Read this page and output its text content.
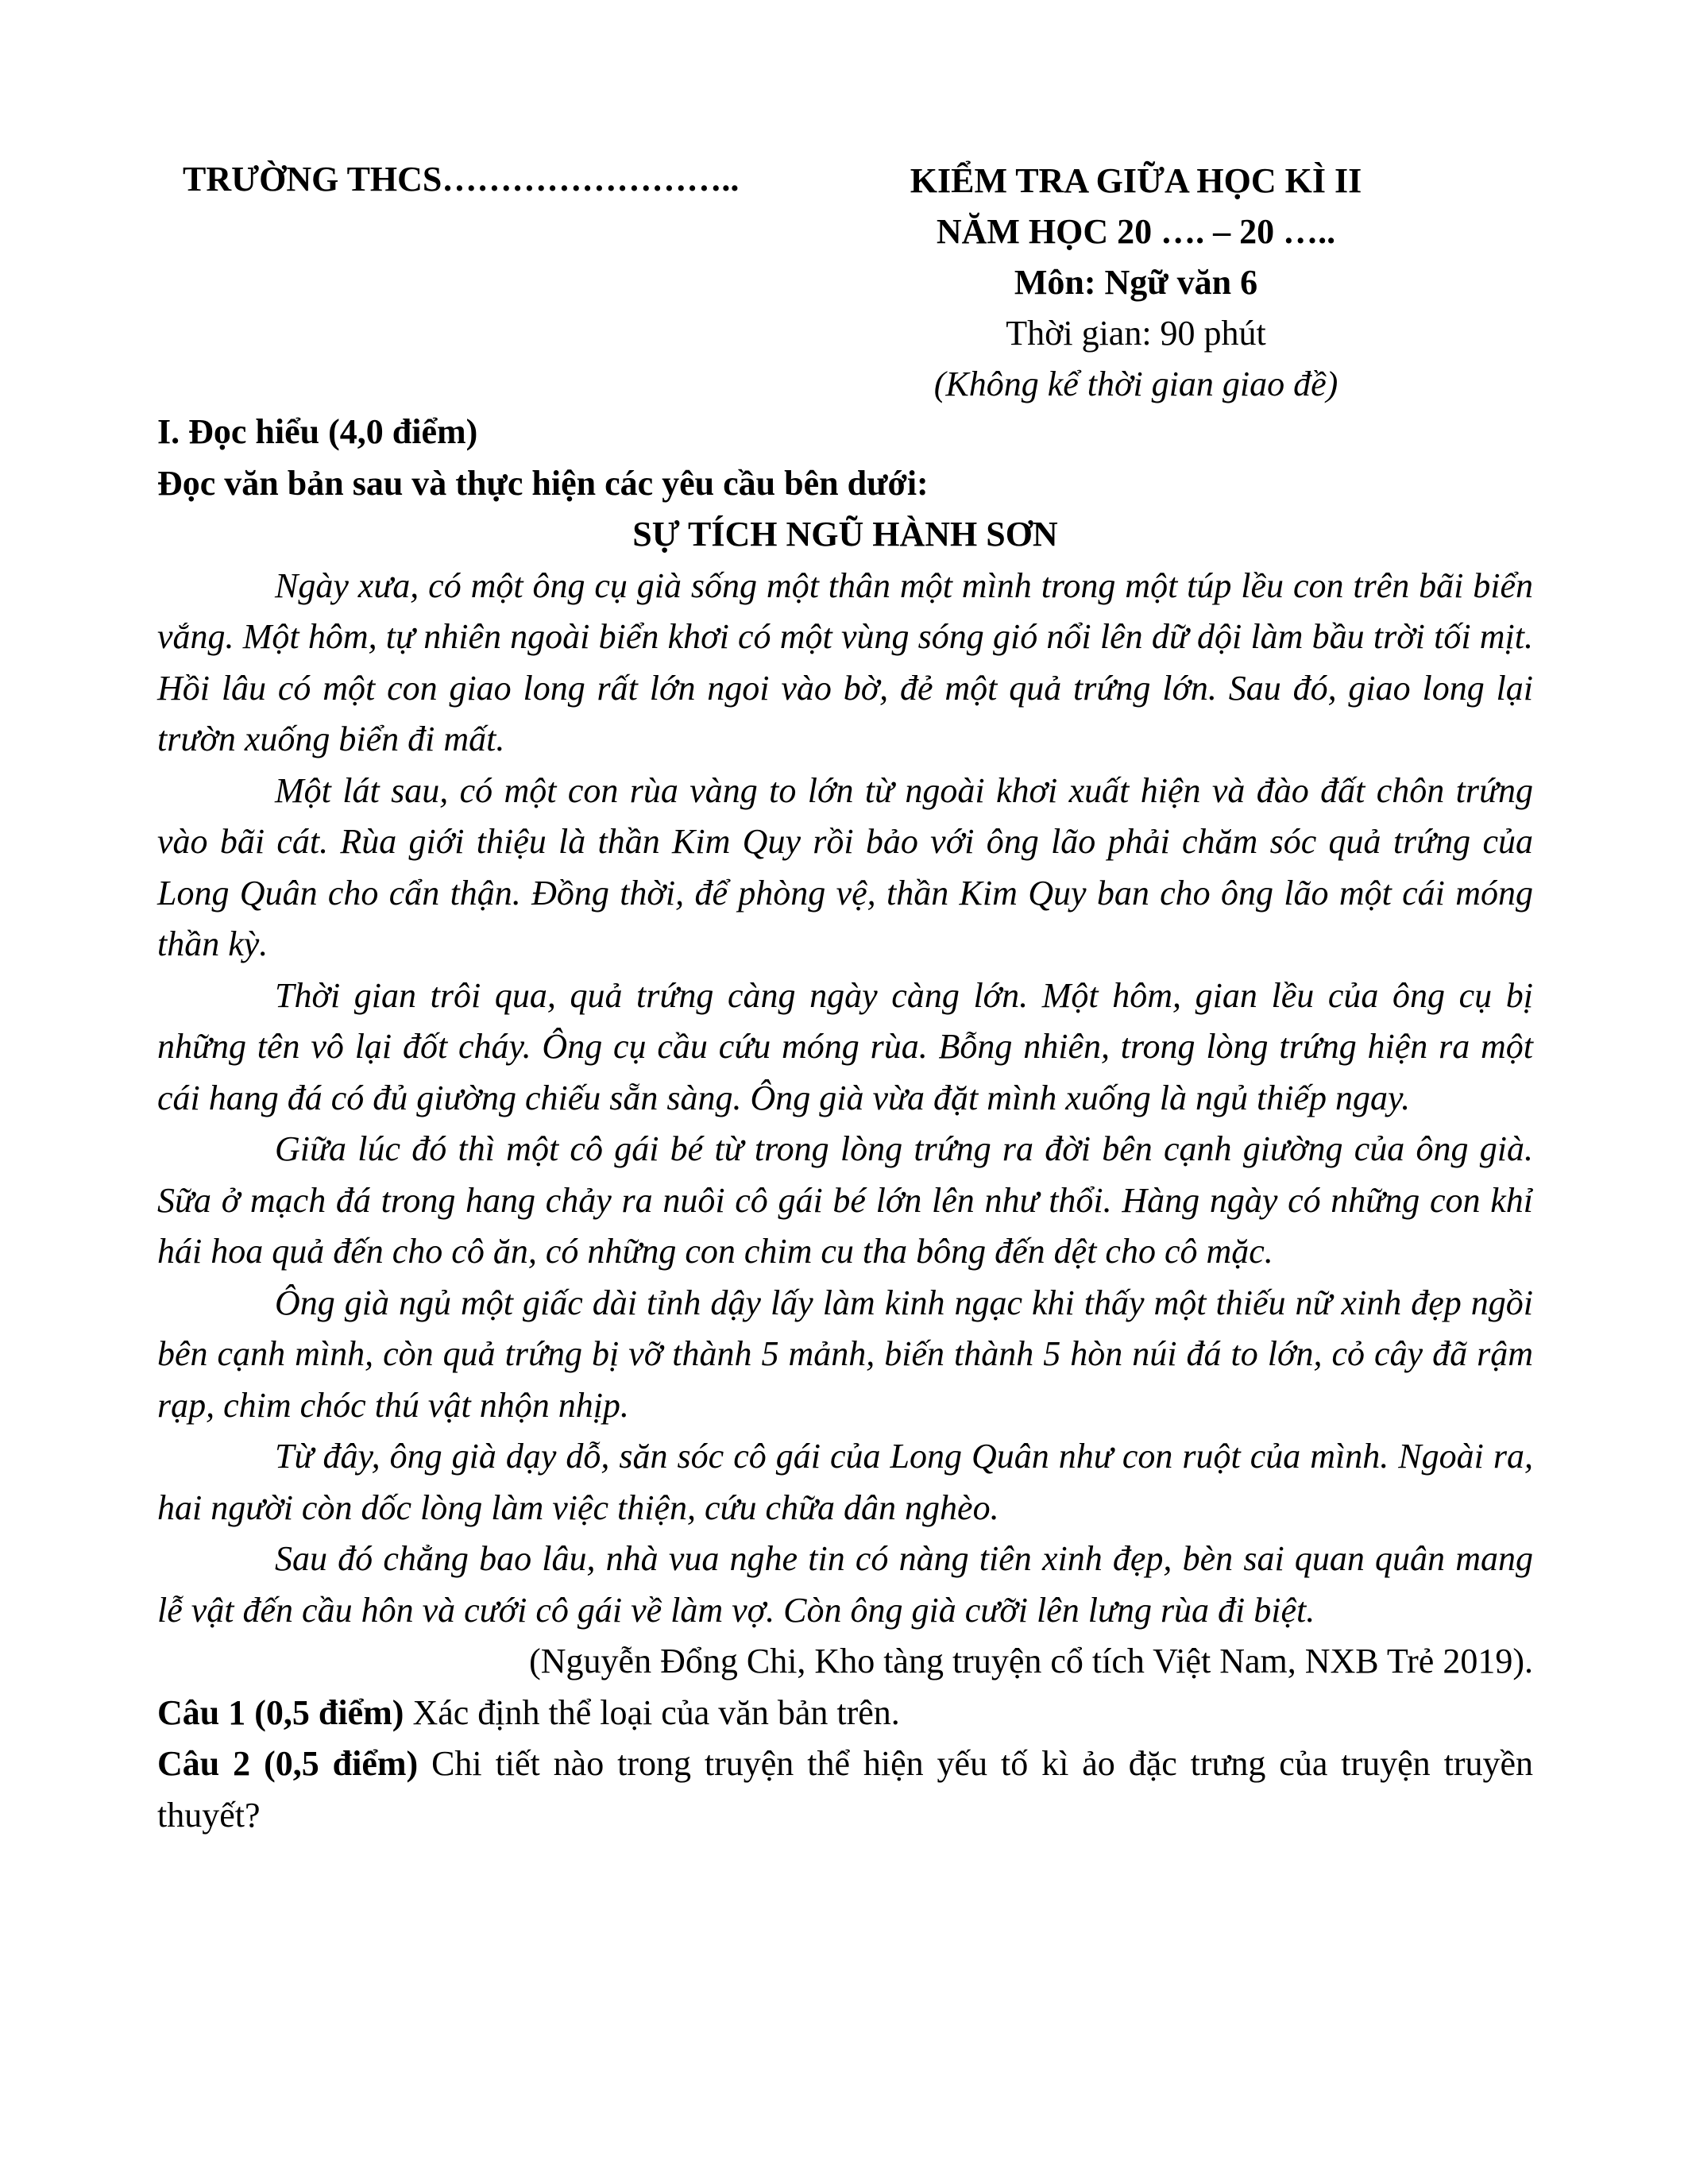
TRƯỜNG THCS……………………..	KIỂM TRA GIỮA HỌC KÌ II
NĂM HỌC 20 …. – 20 …..
Môn: Ngữ văn 6
Thời gian: 90 phút
(Không kể thời gian giao đề)

I. Đọc hiểu (4,0 điểm)

Đọc văn bản sau và thực hiện các yêu cầu bên dưới:

SỰ TÍCH NGŨ HÀNH SƠN

Ngày xưa, có một ông cụ già sống một thân một mình trong một túp lều con trên bãi biển vắng. Một hôm, tự nhiên ngoài biển khơi có một vùng sóng gió nổi lên dữ dội làm bầu trời tối mịt. Hồi lâu có một con giao long rất lớn ngoi vào bờ, đẻ một quả trứng lớn. Sau đó, giao long lại trườn xuống biển đi mất.

Một lát sau, có một con rùa vàng to lớn từ ngoài khơi xuất hiện và đào đất chôn trứng vào bãi cát. Rùa giới thiệu là thần Kim Quy rồi bảo với ông lão phải chăm sóc quả trứng của Long Quân cho cẩn thận. Đồng thời, để phòng vệ, thần Kim Quy ban cho ông lão một cái móng thần kỳ.

Thời gian trôi qua, quả trứng càng ngày càng lớn. Một hôm, gian lều của ông cụ bị những tên vô lại đốt cháy. Ông cụ cầu cứu móng rùa. Bỗng nhiên, trong lòng trứng hiện ra một cái hang đá có đủ giường chiếu sẵn sàng. Ông già vừa đặt mình xuống là ngủ thiếp ngay.

Giữa lúc đó thì một cô gái bé từ trong lòng trứng ra đời bên cạnh giường của ông già. Sữa ở mạch đá trong hang chảy ra nuôi cô gái bé lớn lên như thổi. Hàng ngày có những con khỉ hái hoa quả đến cho cô ăn, có những con chim cu tha bông đến dệt cho cô mặc.

Ông già ngủ một giấc dài tỉnh dậy lấy làm kinh ngạc khi thấy một thiếu nữ xinh đẹp ngồi bên cạnh mình, còn quả trứng bị vỡ thành 5 mảnh, biến thành 5 hòn núi đá to lớn, cỏ cây đã rậm rạp, chim chóc thú vật nhộn nhịp.

Từ đây, ông già dạy dỗ, săn sóc cô gái của Long Quân như con ruột của mình. Ngoài ra, hai người còn dốc lòng làm việc thiện, cứu chữa dân nghèo.

Sau đó chẳng bao lâu, nhà vua nghe tin có nàng tiên xinh đẹp, bèn sai quan quân mang lễ vật đến cầu hôn và cưới cô gái về làm vợ. Còn ông già cưỡi lên lưng rùa đi biệt.

(Nguyễn Đổng Chi, Kho tàng truyện cổ tích Việt Nam, NXB Trẻ 2019).

Câu 1 (0,5 điểm) Xác định thể loại của văn bản trên.

Câu 2 (0,5 điểm) Chi tiết nào trong truyện thể hiện yếu tố kì ảo đặc trưng của truyện truyền thuyết?
